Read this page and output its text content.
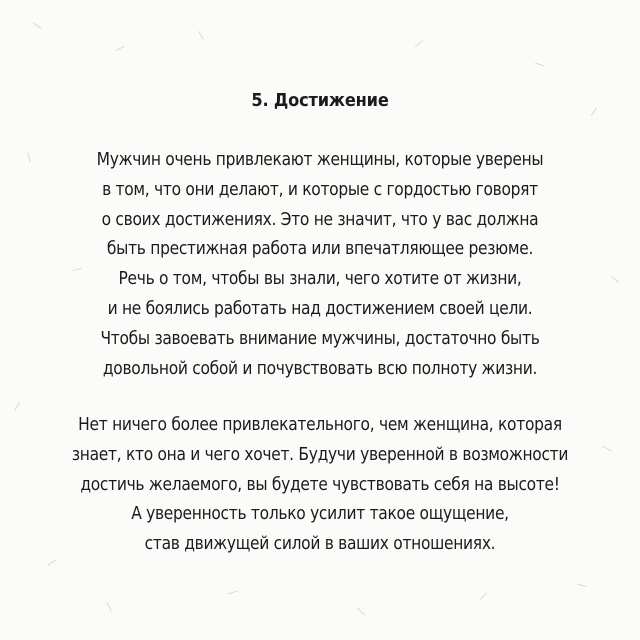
5. Достижение
Мужчин очень привлекают женщины, которые уверены
в том, что они делают, и которые с гордостью говорят
о своих достижениях. Это не значит, что у вас должна
быть престижная работа или впечатляющее резюме.
Речь о том, чтобы вы знали, чего хотите от жизни,
и не боялись работать над достижением своей цели.
Чтобы завоевать внимание мужчины, достаточно быть
довольной собой и почувствовать всю полноту жизни.
Нет ничего более привлекательного, чем женщина, которая
знает, кто она и чего хочет. Будучи уверенной в возможности
достичь желаемого, вы будете чувствовать себя на высоте!
А уверенность только усилит такое ощущение,
став движущей силой в ваших отношениях.
